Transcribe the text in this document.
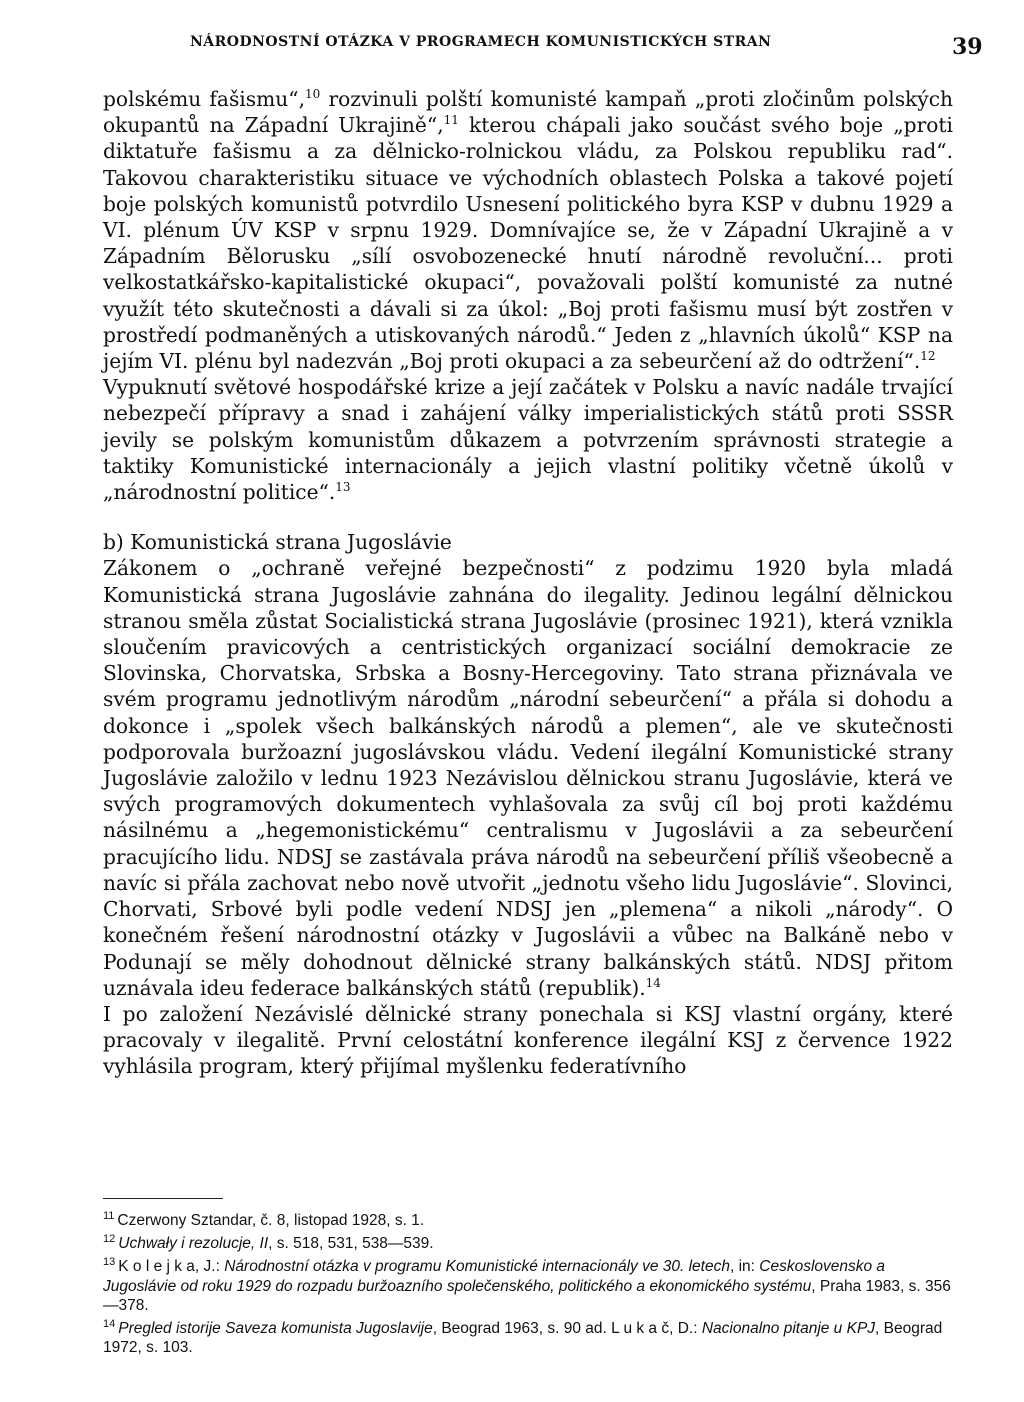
NÁRODNOSTNÍ OTÁZKA V PROGRAMECH KOMUNISTICKÝCH STRAN	39

polskému fašismu“,$^{10}$ rozvinuli polští komunisté kampaň „proti zločinům polských okupantů na Západní Ukrajině“,$^{11}$ kterou chápali jako součást svého boje „proti diktatuře fašismu a za dělnicko-rolnickou vládu, za Polskou republiku rad“. Takovou charakteristiku situace ve východních oblastech Polska a takové pojetí boje polských komunistů potvrdilo Usnesení politického byra KSP v dubnu 1929 a VI. plénum ÚV KSP v srpnu 1929. Domnívajíce se, že v Západní Ukrajině a v Západním Bělorusku „sílí osvobozenecké hnutí národně revoluční... proti velkostatkářsko-kapitalistické okupaci“, považovali polští komunisté za nutné využít této skutečnosti a dávali si za úkol: „Boj proti fašismu musí být zostřen v prostředí podmaněných a utiskovaných národů.“ Jeden z „hlavních úkolů“ KSP na jejím VI. plénu byl nadezván „Boj proti okupaci a za sebeurčení až do odtržení“.$^{12}$

Vypuknutí světové hospodářské krize a její začátek v Polsku a navíc nadále trvající nebezpečí přípravy a snad i zahájení války imperialistických států proti SSSR jevily se polským komunistům důkazem a potvrzením správnosti strategie a taktiky Komunistické internacionály a jejich vlastní politiky včetně úkolů v „národnostní politice“.$^{13}$

b) Komunistická strana Jugoslávie

Zákonem o „ochraně veřejné bezpečnosti“ z podzimu 1920 byla mladá Komunistická strana Jugoslávie zahnána do ilegality. Jedinou legální dělnickou stranou směla zůstat Socialistická strana Jugoslávie (prosinec 1921), která vznikla sloučením pravicových a centristických organizací sociální demokracie ze Slovinska, Chorvatska, Srbska a Bosny-Hercegoviny. Tato strana přiznávala ve svém programu jednotlivým národům „národní sebeurčení“ a přála si dohodu a dokonce i „spolek všech balkánských národů a plemen“, ale ve skutečnosti podporovala buržoazní jugoslávskou vládu. Vedení ilegální Komunistické strany Jugoslávie založilo v lednu 1923 Nezávislou dělnickou stranu Jugoslávie, která ve svých programových dokumentech vyhlašovala za svůj cíl boj proti každému násilnému a „hegemonistickému“ centralismu v Jugoslávii a za sebeurčení pracujícího lidu. NDSJ se zastávala práva národů na sebeurčení příliš všeobecně a navíc si přála zachovat nebo nově utvořit „jednotu všeho lidu Jugoslávie“. Slovinci, Chorvati, Srbové byli podle vedení NDSJ jen „plemena“ a nikoli „národy“. O konečném řešení národnostní otázky v Jugoslávii a vůbec na Balkáně nebo v Podunají se měly dohodnout dělnické strany balkánských států. NDSJ přitom uznávala ideu federace balkánských států (republik).$^{14}$

I po založení Nezávislé dělnické strany ponechala si KSJ vlastní orgány, které pracovaly v ilegalitě. První celostátní konference ilegální KSJ z července 1922 vyhlásila program, který přijímal myšlenku federatívního

$^{11}$ Czerwony Sztandar, č. 8, listopad 1928, s. 1.

$^{12}$ Uchwały i rezolucje, II, s. 518, 531, 538—539.

$^{13}$ K o l e j k a, J.: Národnostní otázka v programu Komunistické internacionály ve 30. letech, in: Ceskoslovensko a Jugoslávie od roku 1929 do rozpadu buržoazního společenského, politického a ekonomického systému, Praha 1983, s. 356—378.

$^{14}$ Pregled istorije Saveza komunista Jugoslavije, Beograd 1963, s. 90 ad. L u k a č, D.: Nacionalno pitanje u KPJ, Beograd 1972, s. 103.
